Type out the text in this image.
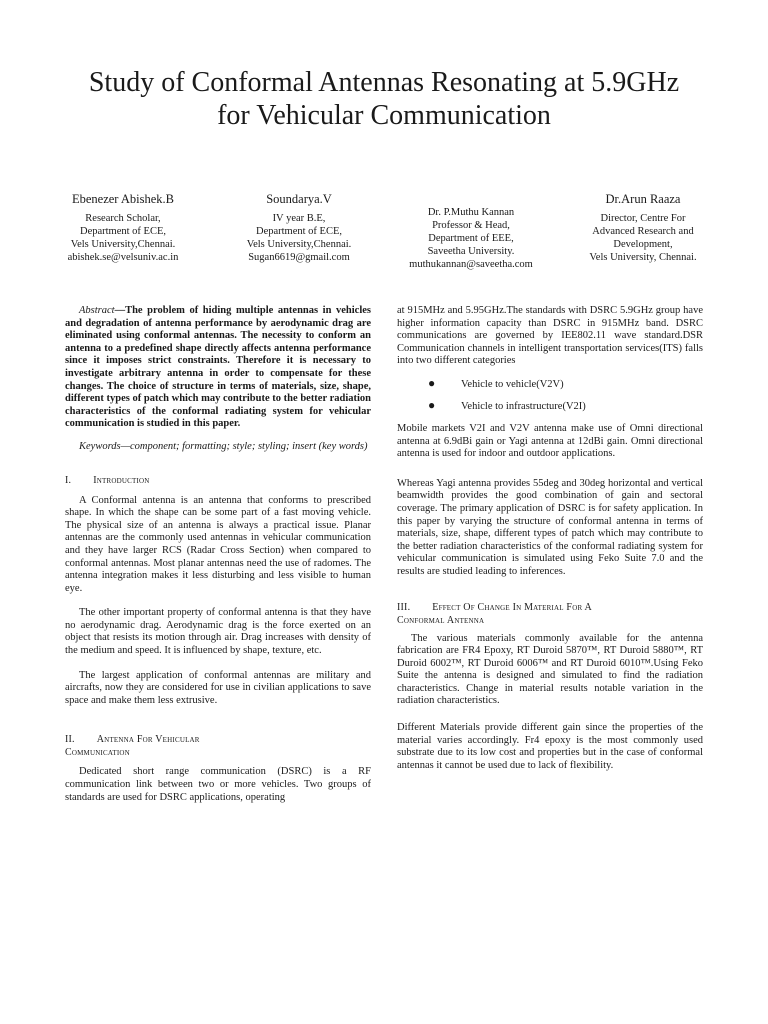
Study of Conformal Antennas Resonating at 5.9GHz
for Vehicular Communication
Ebenezer Abishek.B
Research Scholar,
Department of ECE,
Vels University,Chennai.
abishek.se@velsuniv.ac.in
Soundarya.V
IV year B.E,
Department of ECE,
Vels University,Chennai.
Sugan6619@gmail.com
Dr. P.Muthu Kannan
Professor & Head,
Department of EEE,
Saveetha University.
muthukannan@saveetha.com
Dr.Arun Raaza
Director, Centre For
Advanced Research and
Development,
Vels University, Chennai.

Abstract—The problem of hiding multiple antennas in vehicles and degradation of antenna performance by aerodynamic drag are eliminated using conformal antennas. The necessity to conform an antenna to a predefined shape directly affects antenna performance since it imposes strict constraints. Therefore it is necessary to investigate arbitrary antenna in order to compensate for these changes. The choice of structure in terms of materials, size, shape, different types of patch which may contribute to the better radiation characteristics of the conformal radiating system for vehicular communication is studied in this paper.

Keywords—component; formatting; style; styling; insert (key words)

I. Introduction

A Conformal antenna is an antenna that conforms to prescribed shape. In which the shape can be some part of a fast moving vehicle. The physical size of an antenna is always a practical issue. Planar antennas are the commonly used antennas in vehicular communication and they have larger RCS (Radar Cross Section) when compared to conformal antennas. Most planar antennas need the use of radomes. The antenna integration makes it less disturbing and less visible to human eye.

The other important property of conformal antenna is that they have no aerodynamic drag. Aerodynamic drag is the force exerted on an object that resists its motion through air. Drag increases with density of the medium and speed. It is influenced by shape, texture, etc.

The largest application of conformal antennas are military and aircrafts, now they are considered for use in civilian applications to save space and make them less extrusive.

II. Antenna For Vehicular
Communication

Dedicated short range communication (DSRC) is a RF communication link between two or more vehicles. Two groups of standards are used for DSRC applications, operating

at 915MHz and 5.95GHz.The standards with DSRC 5.9GHz group have higher information capacity than DSRC in 915MHz band. DSRC communications are governed by IEE802.11 wave standard.DSR Communication channels in intelligent transportation services(ITS) falls into two different categories

● Vehicle to vehicle(V2V)
● Vehicle to infrastructure(V2I)

Mobile markets V2I and V2V antenna make use of Omni directional antenna at 6.9dBi gain or Yagi antenna at 12dBi gain. Omni directional antenna is used for indoor and outdoor applications.

Whereas Yagi antenna provides 55deg and 30deg horizontal and vertical beamwidth provides the good combination of gain and sectoral coverage. The primary application of DSRC is for safety application. In this paper by varying the structure of conformal antenna in terms of materials, size, shape, different types of patch which may contribute to the better radiation characteristics of the conformal radiating system for vehicular communication is simulated using Feko Suite 7.0 and the results are studied leading to inferences.

III. Effect Of Change In Material For A
Conformal Antenna

The various materials commonly available for the antenna fabrication are FR4 Epoxy, RT Duroid 5870™, RT Duroid 5880™, RT Duroid 6002™, RT Duroid 6006™ and RT Duroid 6010™.Using Feko Suite the antenna is designed and simulated to find the radiation characteristics. Change in material results notable variation in the radiation characteristics.

Different Materials provide different gain since the properties of the material varies accordingly. Fr4 epoxy is the most commonly used substrate due to its low cost and properties but in the case of conformal antennas it cannot be used due to lack of flexibility.
